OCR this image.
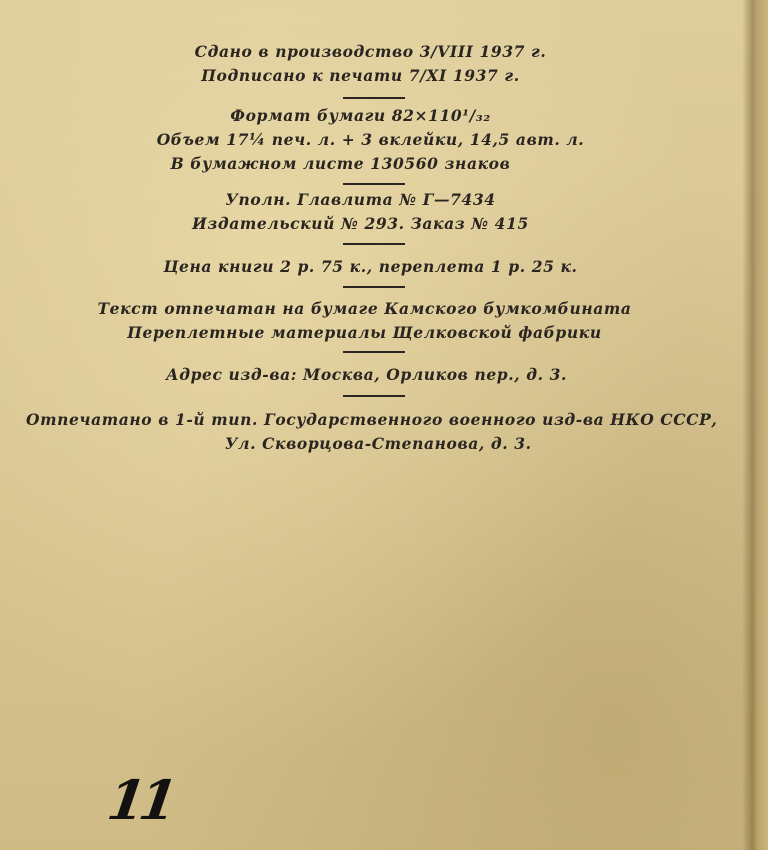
Сдано в производство 3/VIII 1937 г.
Подписано к печати 7/XI 1937 г.
Формат бумаги 82×110¹/₃₂
Объем 17¼ печ. л. + 3 вклейки, 14,5 авт. л.
В бумажном листе 130560 знаков
Уполн. Главлита № Г—7434
Издательский № 293. Заказ № 415
Цена книги 2 р. 75 к., переплета 1 р. 25 к.
Текст отпечатан на бумаге Камского бумкомбината
Переплетные материалы Щелковской фабрики
Адрес изд-ва: Москва, Орликов пер., д. 3.
Отпечатано в 1-й тип. Государственного военного изд-ва НКО СССР,
Ул. Скворцова-Степанова, д. 3.
11
